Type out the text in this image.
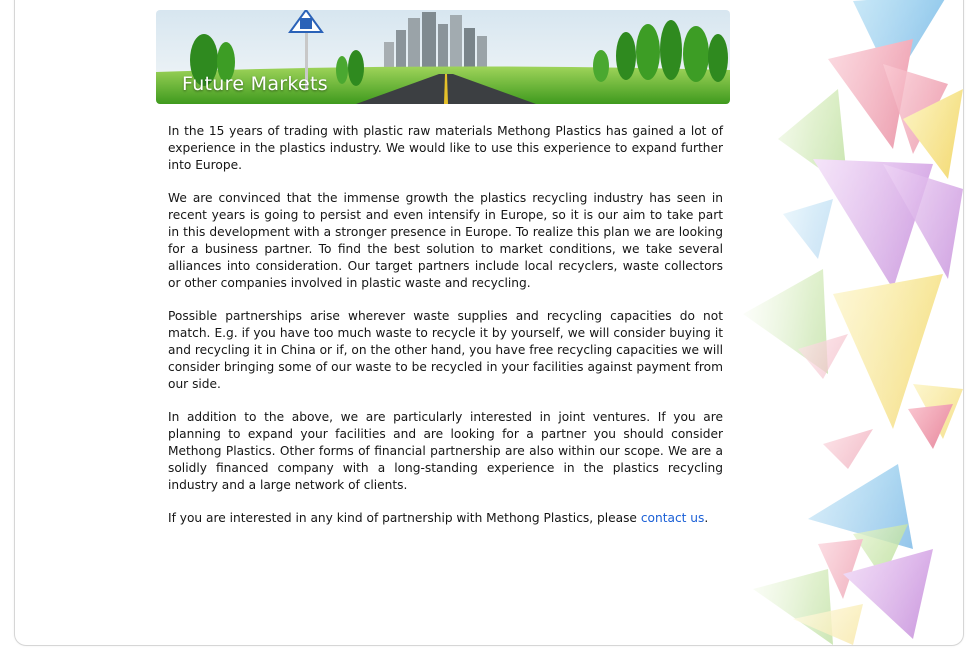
Future Markets

In the 15 years of trading with plastic raw materials Methong Plastics has gained a lot of experience in the plastics industry. We would like to use this experience to expand further into Europe.

We are convinced that the immense growth the plastics recycling industry has seen in recent years is going to persist and even intensify in Europe, so it is our aim to take part in this development with a stronger presence in Europe. To realize this plan we are looking for a business partner. To find the best solution to market conditions, we take several alliances into consideration. Our target partners include local recyclers, waste collectors or other companies involved in plastic waste and recycling.

Possible partnerships arise wherever waste supplies and recycling capacities do not match. E.g. if you have too much waste to recycle it by yourself, we will consider buying it and recycling it in China or if, on the other hand, you have free recycling capacities we will consider bringing some of our waste to be recycled in your facilities against payment from our side.

In addition to the above, we are particularly interested in joint ventures. If you are planning to expand your facilities and are looking for a partner you should consider Methong Plastics. Other forms of financial partnership are also within our scope. We are a solidly financed company with a long-standing experience in the plastics recycling industry and a large network of clients.

If you are interested in any kind of partnership with Methong Plastics, please contact us.
